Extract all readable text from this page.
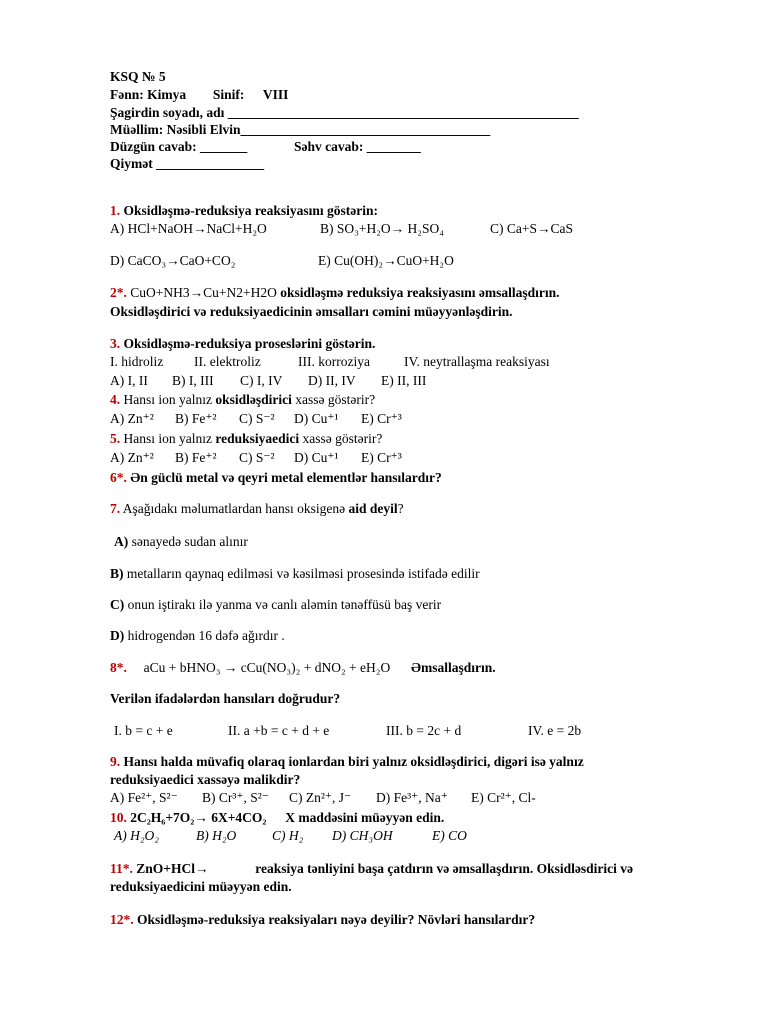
KSQ № 5
Fənn: Kimya Sinif: VIII
Şagirdin soyadı, adı ____________________________________________________
Müəllim: Nəsibli Elvin_____________________________________
Düzgün cavab: _______	Səhv cavab: ________
Qiymət ________________
1. Oksidləşmə-reduksiya reaksiyasını göstərin:
A) HCl+NaOH→NaCl+H₂O	B) SO₃+H₂O→ H₂SO₄	C) Ca+S→CaS
D) CaCO₃→CaO+CO₂	E) Cu(OH)₂→CuO+H₂O
2*. CuO+NH3→Cu+N2+H2O oksidləşmə reduksiya reaksiyasını əmsallaşdırın.
Oksidləşdirici və reduksiyaedicinin əmsalları cəmini müəyyənləşdirin.
3. Oksidləşmə-reduksiya proseslərini göstərin.
I. hidroliz II. elektroliz	III. korroziya	IV. neytrallaşma reaksiyası
A) I, II B) I, III C) I, IV D) II, IV E) II, III
4. Hansı ion yalnız oksidləşdirici xassə göstərir?
A) Zn⁺² B) Fe⁺² C) S⁻² D) Cu⁺¹ E) Cr⁺³
5. Hansı ion yalnız reduksiyaedici xassə göstərir?
A) Zn⁺² B) Fe⁺² C) S⁻² D) Cu⁺¹ E) Cr⁺³
6*. Ən güclü metal və qeyri metal elementlər hansılardır?
7. Aşağıdakı məlumatlardan hansı oksigenə aid deyil?
A) sənayedə sudan alınır
B) metalların qaynaq edilməsi və kəsilməsi prosesində istifadə edilir
C) onun iştirakı ilə yanma və canlı aləmin tənəffüsü baş verir
D) hidrogendən 16 dəfə ağırdır .
8*. aCu + bHNO₃ → cCu(NO₃)₂ + dNO₂ + eH₂O Əmsallaşdırın.
Verilən ifadələrdən hansıları doğrudur?
I. b = c + e	II. a +b = c + d + e	III. b = 2c + d	IV. e = 2b
9. Hansı halda müvafiq olaraq ionlardan biri yalnız oksidləşdirici, digəri isə yalnız
reduksiyaedici xassəyə malikdir?
A) Fe²⁺, S²⁻ B) Cr³⁺, S²⁻ C) Zn²⁺, J⁻ D) Fe³⁺, Na⁺ E) Cr²⁺, Cl-
10. 2C₂H₆+7O₂→ 6X+4CO₂ X maddəsini müəyyən edin.
A) H₂O₂	B) H₂O	C) H₂ D) CH₃OH	E) CO
11*. ZnO+HCl→	reaksiya tənliyini başa çatdırın və əmsallaşdırın. Oksidləsdirici və
reduksiyaedicini müəyyən edin.
12*. Oksidləşmə-reduksiya reaksiyaları nəyə deyilir? Növləri hansılardır?
